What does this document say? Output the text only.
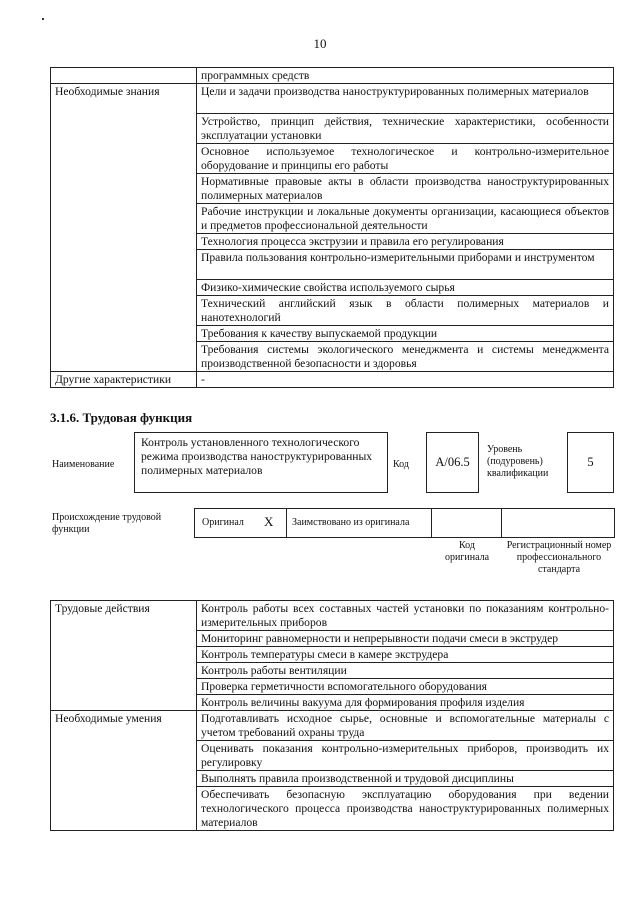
10
	программных средств
Необходимые знания	Цели и задачи производства наноструктурированных полимерных материалов
	Устройство, принцип действия, технические характеристики, особенности эксплуатации установки
	Основное используемое технологическое и контрольно-измерительное оборудование и принципы его работы
	Нормативные правовые акты в области производства наноструктурированных полимерных материалов
	Рабочие инструкции и локальные документы организации, касающиеся объектов и предметов профессиональной деятельности
	Технология процесса экструзии и правила его регулирования
	Правила пользования контрольно-измерительными приборами и инструментом
	Физико-химические свойства используемого сырья
	Технический английский язык в области полимерных материалов и нанотехнологий
	Требования к качеству выпускаемой продукции
	Требования системы экологического менеджмента и системы менеджмента производственной безопасности и здоровья
Другие характеристики	-
3.1.6. Трудовая функция
Наименование
Контроль установленного технологического режима производства наноструктурированных полимерных материалов	Код	А/06.5
Уровень (подуровень) квалификации
5
Происхождение трудовой функции
Оригинал X Заимствовано из оригинала
Код оригинала
Регистрационный номер профессионального стандарта
Трудовые действия	Контроль работы всех составных частей установки по показаниям контрольно-измерительных приборов
	Мониторинг равномерности и непрерывности подачи смеси в экструдер
	Контроль температуры смеси в камере экструдера
	Контроль работы вентиляции
	Проверка герметичности вспомогательного оборудования
	Контроль величины вакуума для формирования профиля изделия
Необходимые умения	Подготавливать исходное сырье, основные и вспомогательные материалы с учетом требований охраны труда
	Оценивать показания контрольно-измерительных приборов, производить их регулировку
	Выполнять правила производственной и трудовой дисциплины
	Обеспечивать безопасную эксплуатацию оборудования при ведении технологического процесса производства наноструктурированных полимерных материалов
